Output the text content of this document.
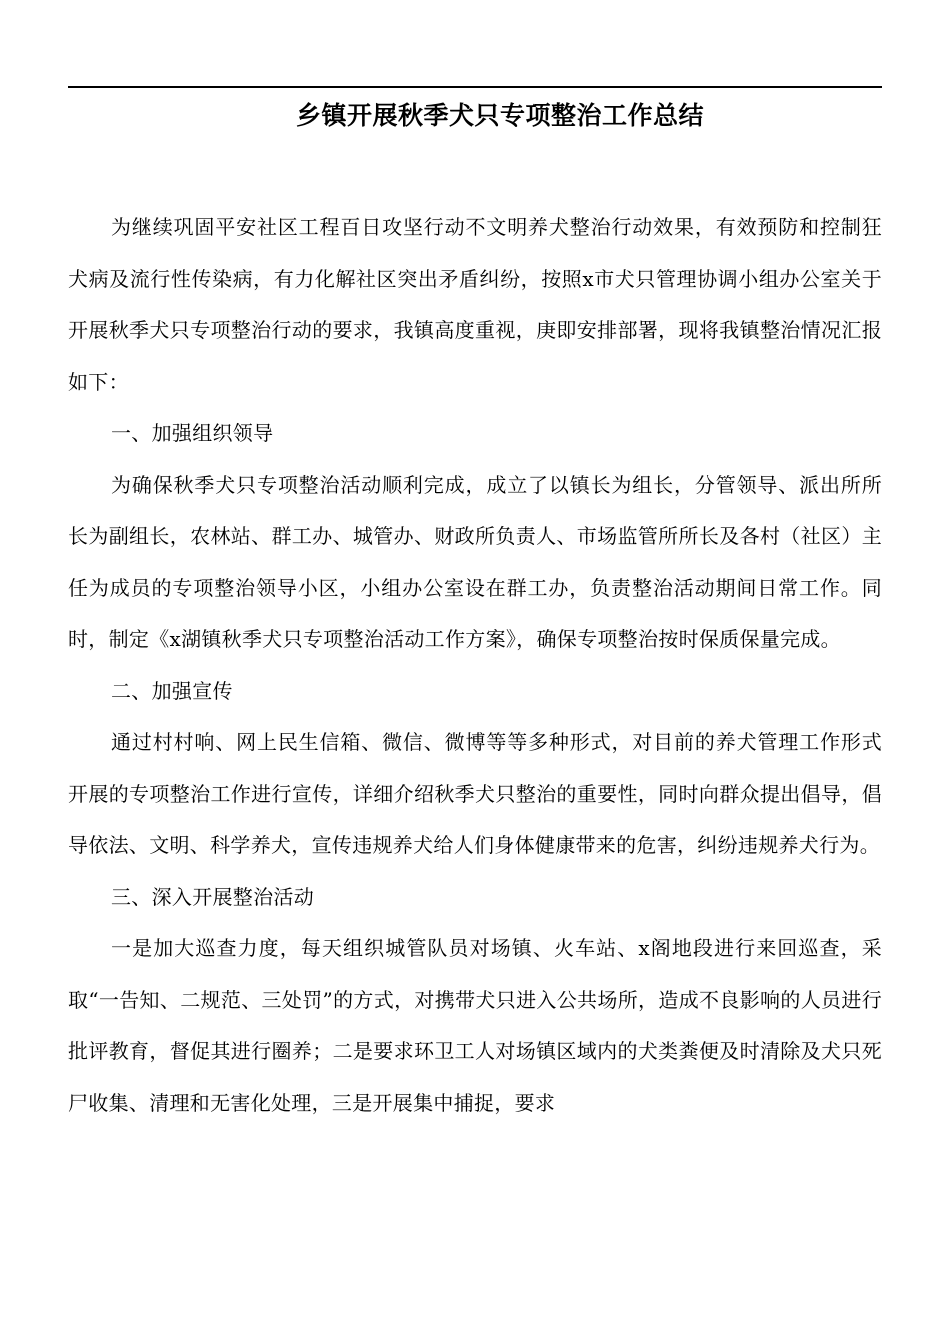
乡镇开展秋季犬只专项整治工作总结

为继续巩固平安社区工程百日攻坚行动不文明养犬整治行动效果，有效预防和控制狂犬病及流行性传染病，有力化解社区突出矛盾纠纷，按照x市犬只管理协调小组办公室关于开展秋季犬只专项整治行动的要求，我镇高度重视，庚即安排部署，现将我镇整治情况汇报如下：

一、加强组织领导

为确保秋季犬只专项整治活动顺利完成，成立了以镇长为组长，分管领导、派出所所长为副组长，农林站、群工办、城管办、财政所负责人、市场监管所所长及各村（社区）主任为成员的专项整治领导小区，小组办公室设在群工办，负责整治活动期间日常工作。同时，制定《x湖镇秋季犬只专项整治活动工作方案》，确保专项整治按时保质保量完成。

二、加强宣传

通过村村响、网上民生信箱、微信、微博等等多种形式，对目前的养犬管理工作形式开展的专项整治工作进行宣传，详细介绍秋季犬只整治的重要性，同时向群众提出倡导，倡导依法、文明、科学养犬，宣传违规养犬给人们身体健康带来的危害，纠纷违规养犬行为。

三、深入开展整治活动

一是加大巡查力度，每天组织城管队员对场镇、火车站、x阁地段进行来回巡查，采取“一告知、二规范、三处罚”的方式，对携带犬只进入公共场所，造成不良影响的人员进行批评教育，督促其进行圈养；二是要求环卫工人对场镇区域内的犬类粪便及时清除及犬只死尸收集、清理和无害化处理，三是开展集中捕捉，要求
